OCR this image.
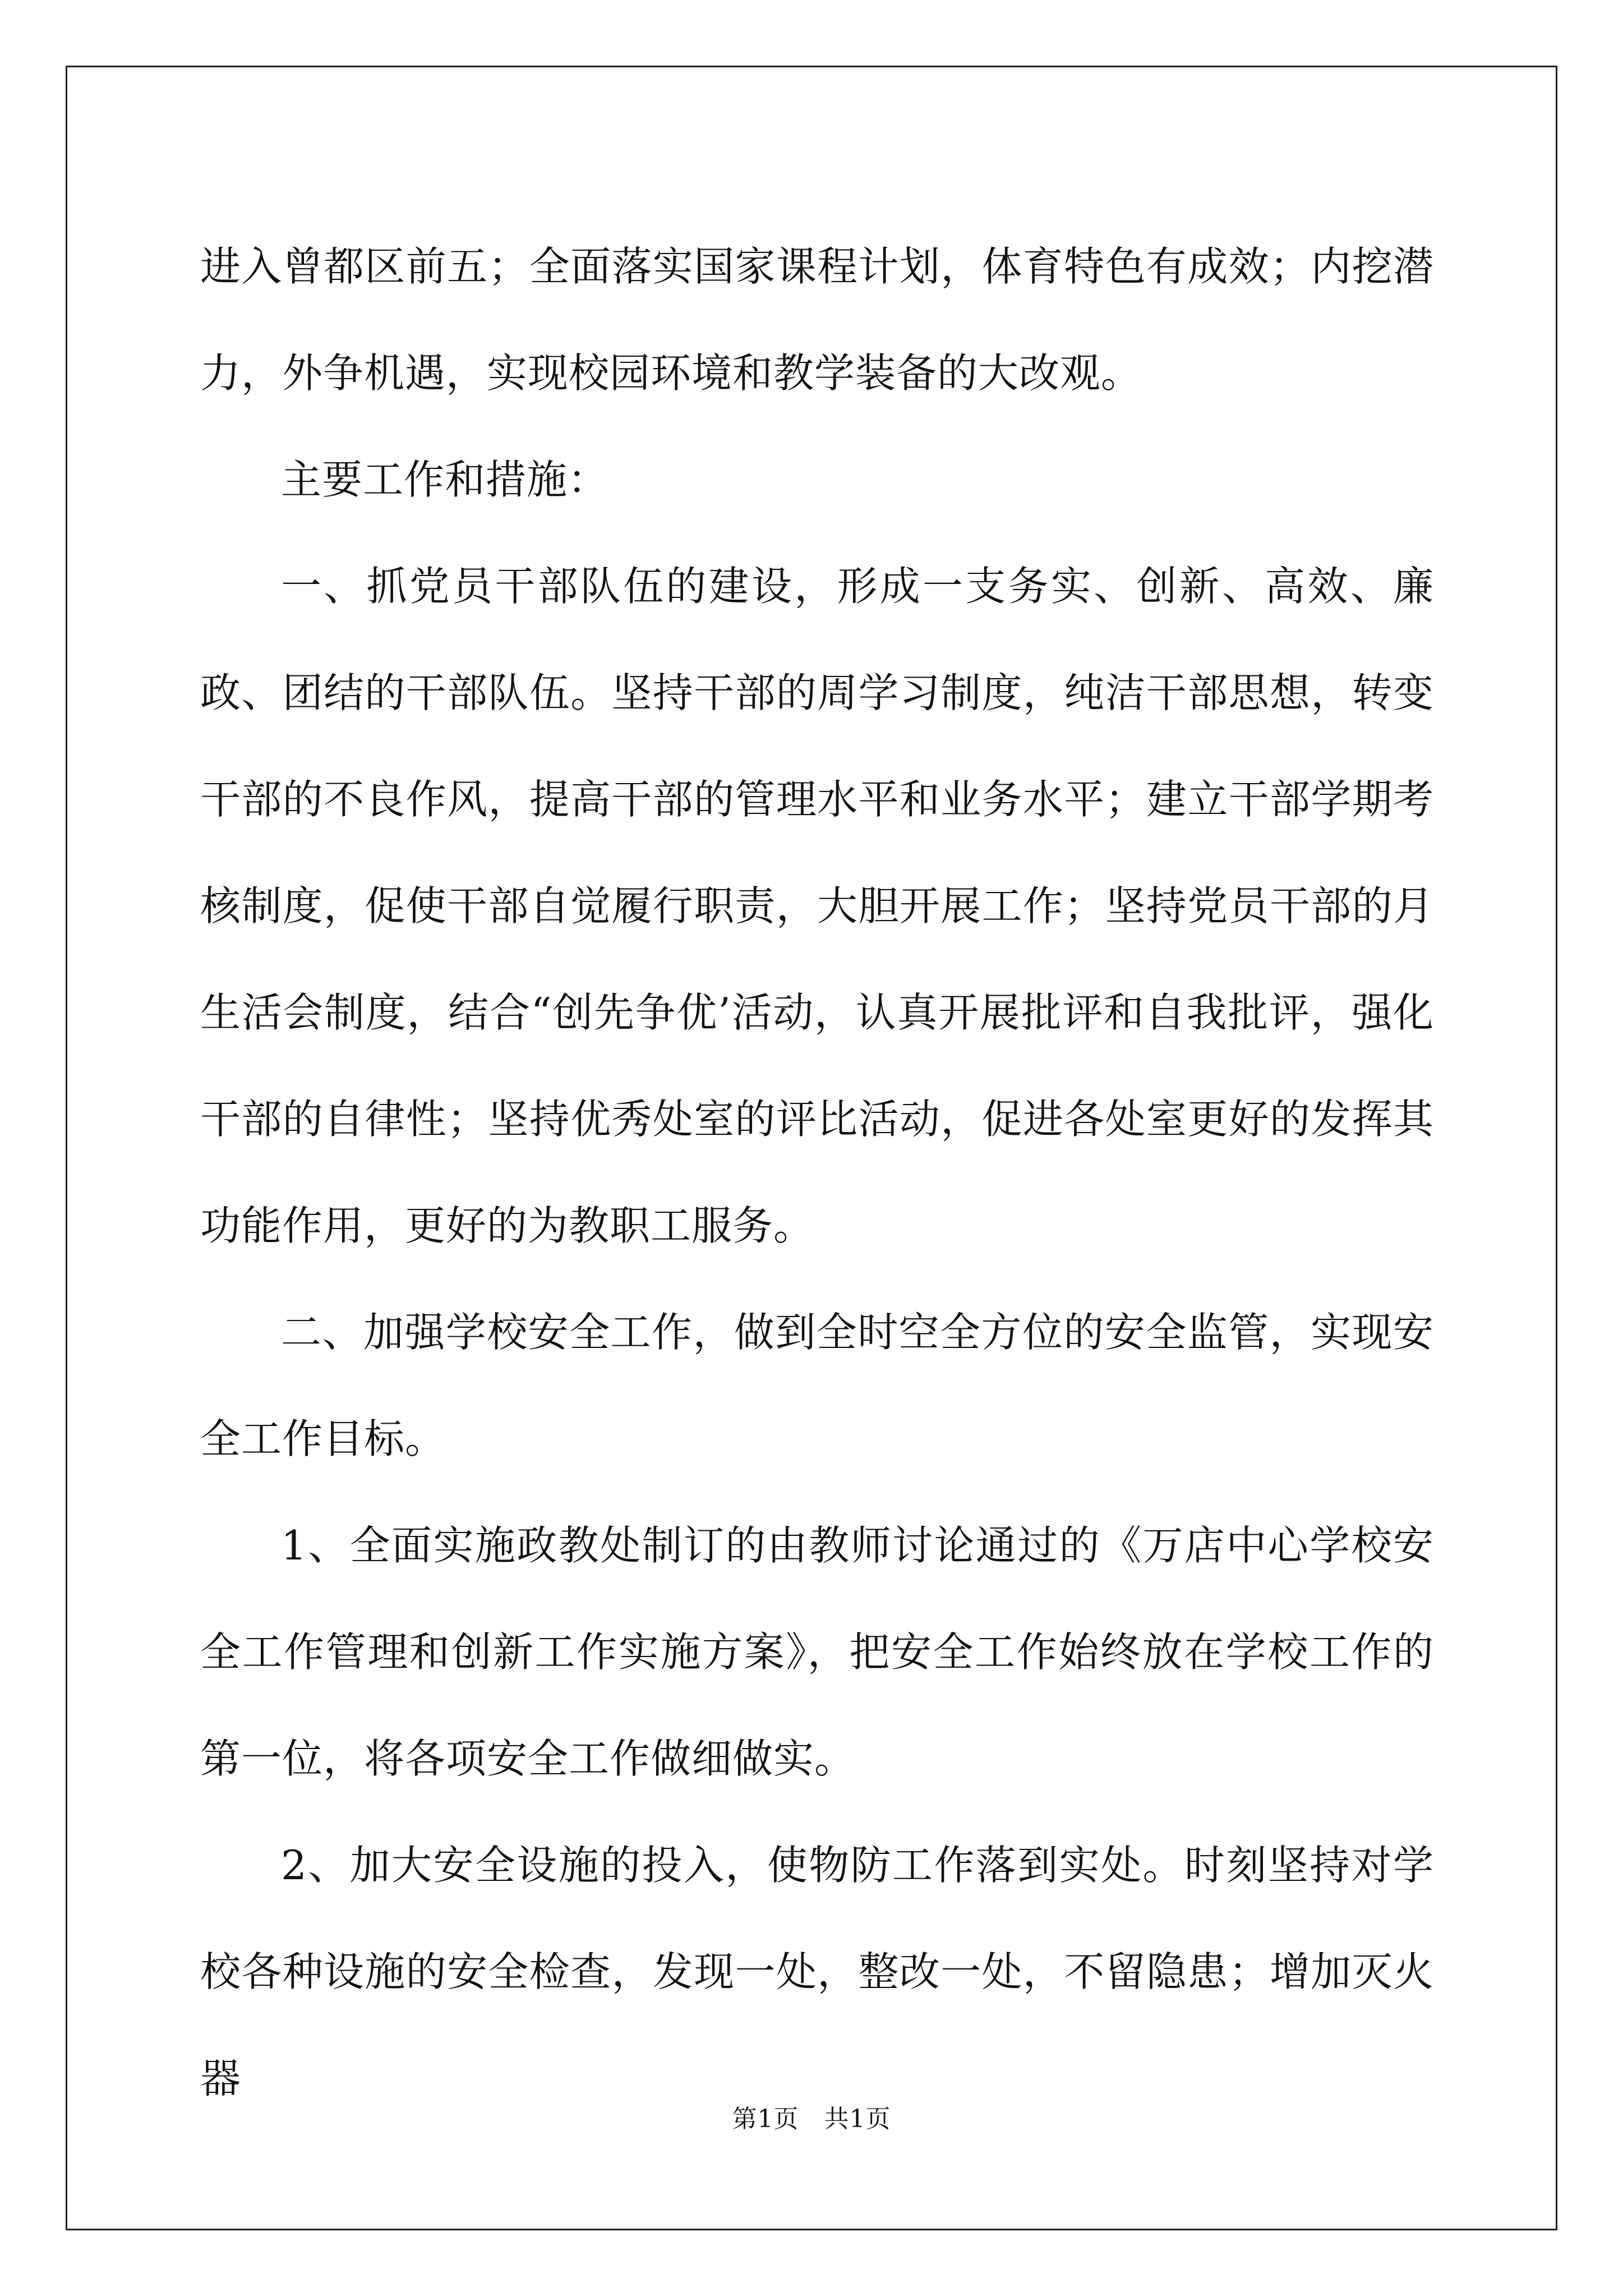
进入曾都区前五；全面落实国家课程计划，体育特色有成效；内挖潜力，外争机遇，实现校园环境和教学装备的大改观。

主要工作和措施：

一、抓党员干部队伍的建设，形成一支务实、创新、高效、廉政、团结的干部队伍。坚持干部的周学习制度，纯洁干部思想，转变干部的不良作风，提高干部的管理水平和业务水平；建立干部学期考核制度，促使干部自觉履行职责，大胆开展工作；坚持党员干部的月生活会制度，结合“创先争优’活动，认真开展批评和自我批评，强化干部的自律性；坚持优秀处室的评比活动，促进各处室更好的发挥其功能作用，更好的为教职工服务。

二、加强学校安全工作，做到全时空全方位的安全监管，实现安全工作目标。

1、全面实施政教处制订的由教师讨论通过的《万店中心学校安全工作管理和创新工作实施方案》，把安全工作始终放在学校工作的第一位，将各项安全工作做细做实。

2、加大安全设施的投入，使物防工作落到实处。时刻坚持对学校各种设施的安全检查，发现一处，整改一处，不留隐患；增加灭火器

第1页　共1页
